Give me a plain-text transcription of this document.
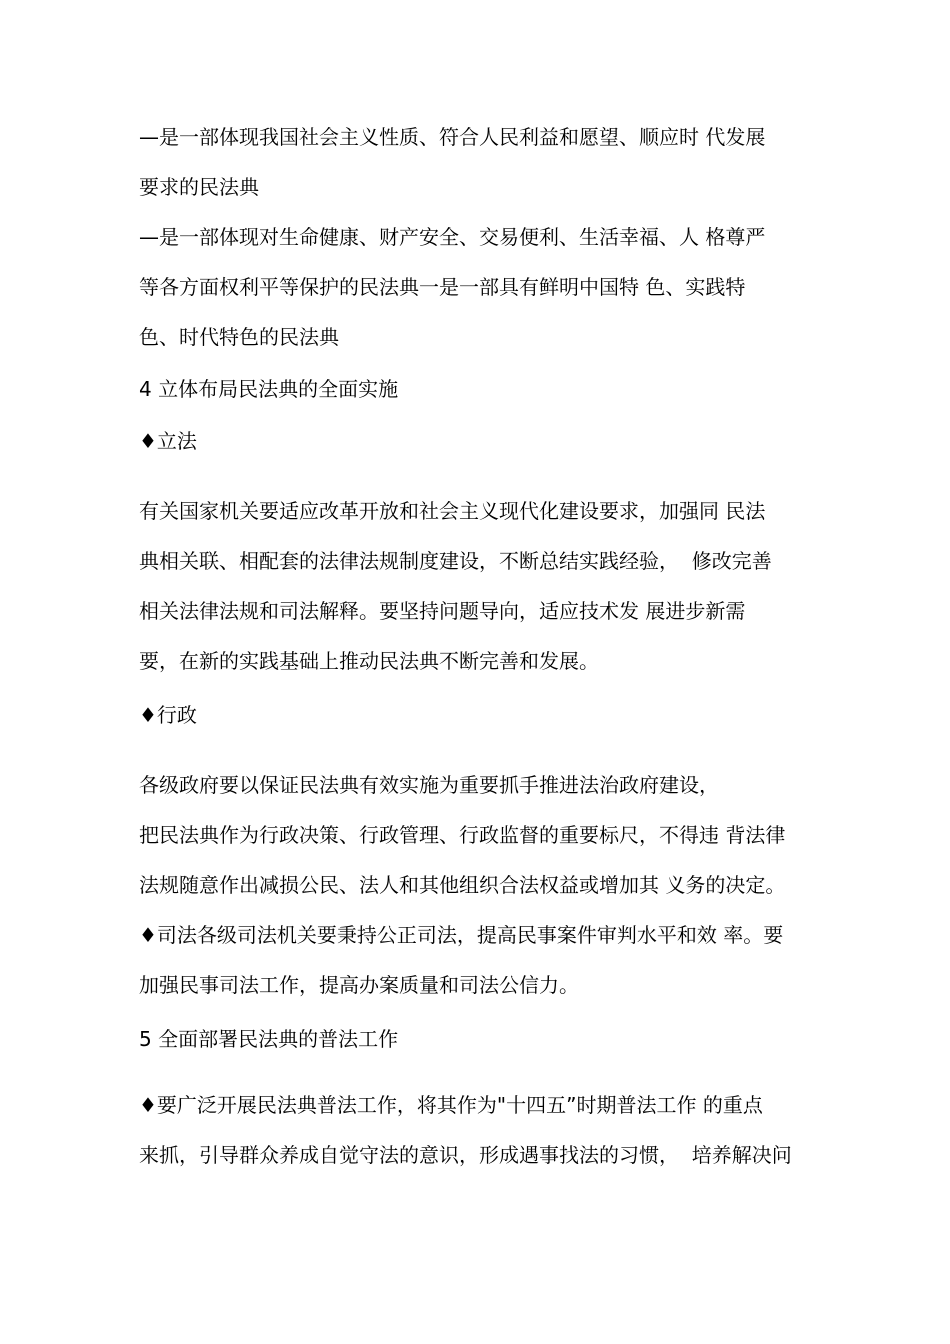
—是一部体现我国社会主义性质、符合人民利益和愿望、顺应时 代发展
要求的民法典
—是一部体现对生命健康、财产安全、交易便利、生活幸福、人 格尊严
等各方面权利平等保护的民法典一是一部具有鲜明中国特 色、实践特
色、时代特色的民法典
4 立体布局民法典的全面实施
♦立法
有关国家机关要适应改革开放和社会主义现代化建设要求，加强同 民法
典相关联、相配套的法律法规制度建设，不断总结实践经验，  修改完善
相关法律法规和司法解释。要坚持问题导向，适应技术发 展进步新需
要，在新的实践基础上推动民法典不断完善和发展。
♦行政
各级政府要以保证民法典有效实施为重要抓手推进法治政府建设，
把民法典作为行政决策、行政管理、行政监督的重要标尺，不得违 背法律
法规随意作出减损公民、法人和其他组织合法权益或增加其 义务的决定。
♦司法各级司法机关要秉持公正司法，提高民事案件审判水平和效 率。要
加强民事司法工作，提高办案质量和司法公信力。
5 全面部署民法典的普法工作
♦要广泛开展民法典普法工作，将其作为"十四五”时期普法工作 的重点
来抓，引导群众养成自觉守法的意识，形成遇事找法的习惯，  培养解决问
